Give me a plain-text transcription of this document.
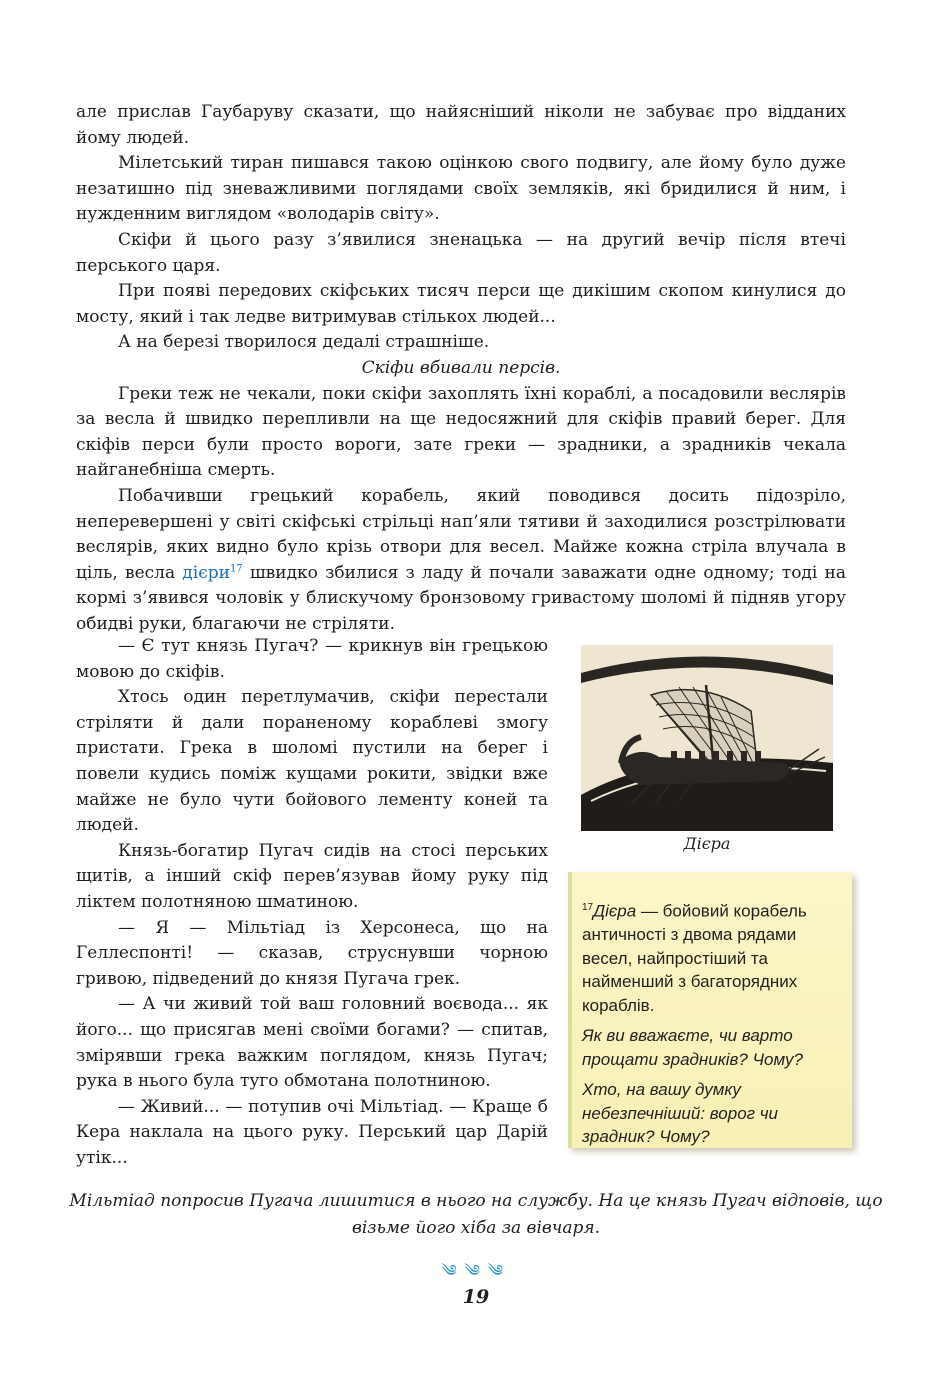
але прислав Гаубаруву сказати, що найясніший ніколи не забуває про відданих йому людей.

Мілетський тиран пишався такою оцінкою свого подвигу, але йому було дуже незатишно під зневажливими поглядами своїх земляків, які бридилися й ним, і нужденним виглядом «володарів світу».

Скіфи й цього разу з’явилися зненацька — на другий вечір після втечі перського царя.

При появі передових скіфських тисяч перси ще дикішим скопом кинулися до мосту, який і так ледве витримував стількох людей...

А на березі творилося дедалі страшніше.

Скіфи вбивали персів.

Греки теж не чекали, поки скіфи захоплять їхні кораблі, а посадовили веслярів за весла й швидко перепливли на ще недосяжний для скіфів правий берег. Для скіфів перси були просто вороги, зате греки — зрадники, а зрадників чекала найганебніша смерть.

Побачивши грецький корабель, який поводився досить підозріло, неперевершені у світі скіфські стрільці нап’яли тятиви й заходилися розстрілювати веслярів, яких видно було крізь отвори для весел. Майже кожна стріла влучала в ціль, весла дієри$^{17}$ швидко збилися з ладу й почали заважати одне одному; тоді на кормі з’явився чоловік у блискучому бронзовому гривастому шоломі й підняв угору обидві руки, благаючи не стріляти.

— Є тут князь Пугач? — крикнув він грецькою мовою до скіфів.

Хтось один перетлумачив, скіфи перестали стріляти й дали пораненому кораблеві змогу пристати. Грека в шоломі пустили на берег і повели кудись поміж кущами рокити, звідки вже майже не було чути бойового лементу коней та людей.

Князь-богатир Пугач сидів на стосі перських щитів, а інший скіф перев’язував йому руку під ліктем полотняною шматиною.

— Я — Мільтіад із Херсонеса, що на Геллеспонті! — сказав, струснувши чорною гривою, підведений до князя Пугача грек.

— А чи живий той ваш головний воєвода... як його... що присягав мені своїми богами? — спитав, змірявши грека важким поглядом, князь Пугач; рука в нього була туго обмотана полотниною.

— Живий... — потупив очі Мільтіад. — Краще б Кера наклала на цього руку. Перський цар Дарій утік...

Дієра

$^{17}$Дієра — бойовий корабель античності з двома рядами весел, найпростіший та найменший з багаторядних кораблів.

Як ви вважаєте, чи варто прощати зрадників? Чому?

Хто, на вашу думку небезпечніший: ворог чи зрадник? Чому?

Мільтіад попросив Пугача лишитися в нього на службу. На це князь Пугач відповів, що візьме його хіба за вівчаря.
༄༄༄
19
